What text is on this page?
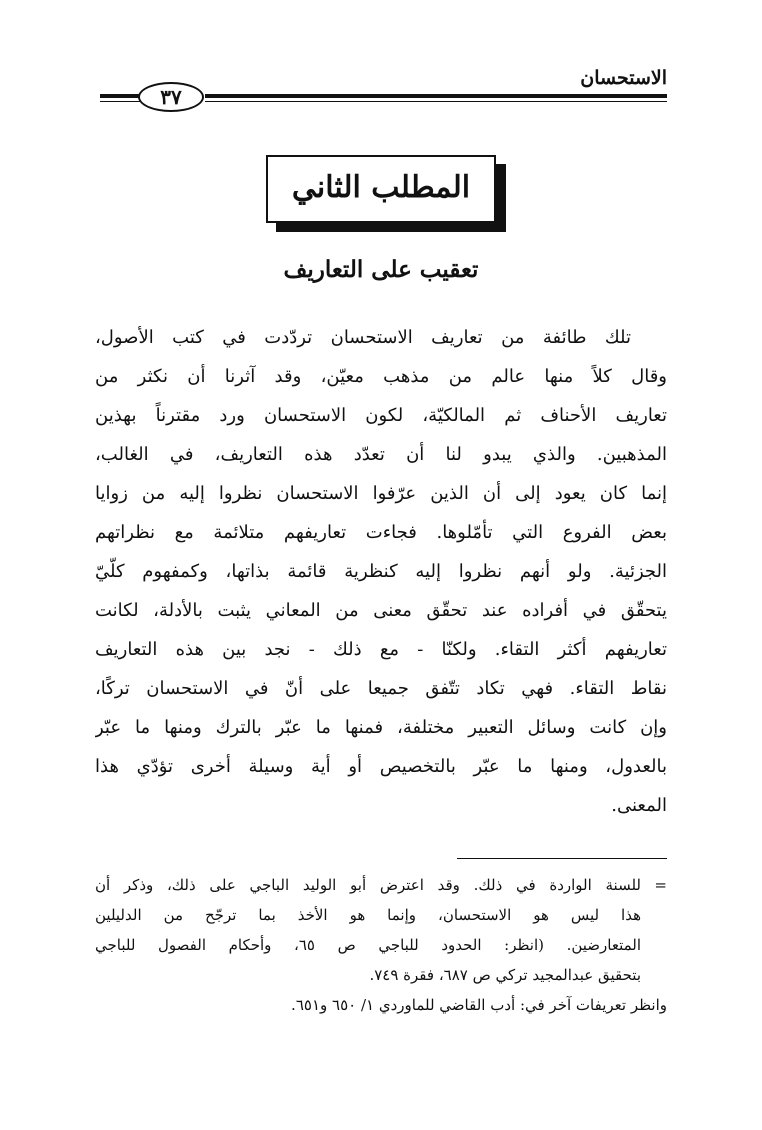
الاستحسان
٣٧
المطلب الثاني
تعقيب على التعاريف
تلك طائفة من تعاريف الاستحسان تردّدت في كتب الأصول،
وقال كلاً منها عالم من مذهب معيّن، وقد آثرنا أن نكثر من
تعاريف الأحناف ثم المالكيّة، لكون الاستحسان ورد مقترناً بهذين
المذهبين. والذي يبدو لنا أن تعدّد هذه التعاريف، في الغالب،
إنما كان يعود إلى أن الذين عرّفوا الاستحسان نظروا إليه من زوايا
بعض الفروع التي تأمّلوها. فجاءت تعاريفهم متلائمة مع نظراتهم
الجزئية. ولو أنهم نظروا إليه كنظرية قائمة بذاتها، وكمفهوم كلّيّ
يتحقّق في أفراده عند تحقّق معنى من المعاني يثبت بالأدلة، لكانت
تعاريفهم أكثر التقاء. ولكنّا - مع ذلك - نجد بين هذه التعاريف
نقاط التقاء. فهي تكاد تتّفق جميعا على أنّ في الاستحسان تركًا،
وإن كانت وسائل التعبير مختلفة، فمنها ما عبّر بالترك ومنها ما عبّر
بالعدول، ومنها ما عبّر بالتخصيص أو أية وسيلة أخرى تؤدّي هذا
المعنى.
=للسنة الواردة في ذلك. وقد اعترض أبو الوليد الباجي على ذلك، وذكر أن
هذا ليس هو الاستحسان، وإنما هو الأخذ بما ترجّح من الدليلين
المتعارضين. (انظر: الحدود للباجي ص ٦٥، وأحكام الفصول للباجي
بتحقيق عبدالمجيد تركي ص ٦٨٧، فقرة ٧٤٩.
وانظر تعريفات آخر في: أدب القاضي للماوردي ١/ ٦٥٠ و٦٥١.
